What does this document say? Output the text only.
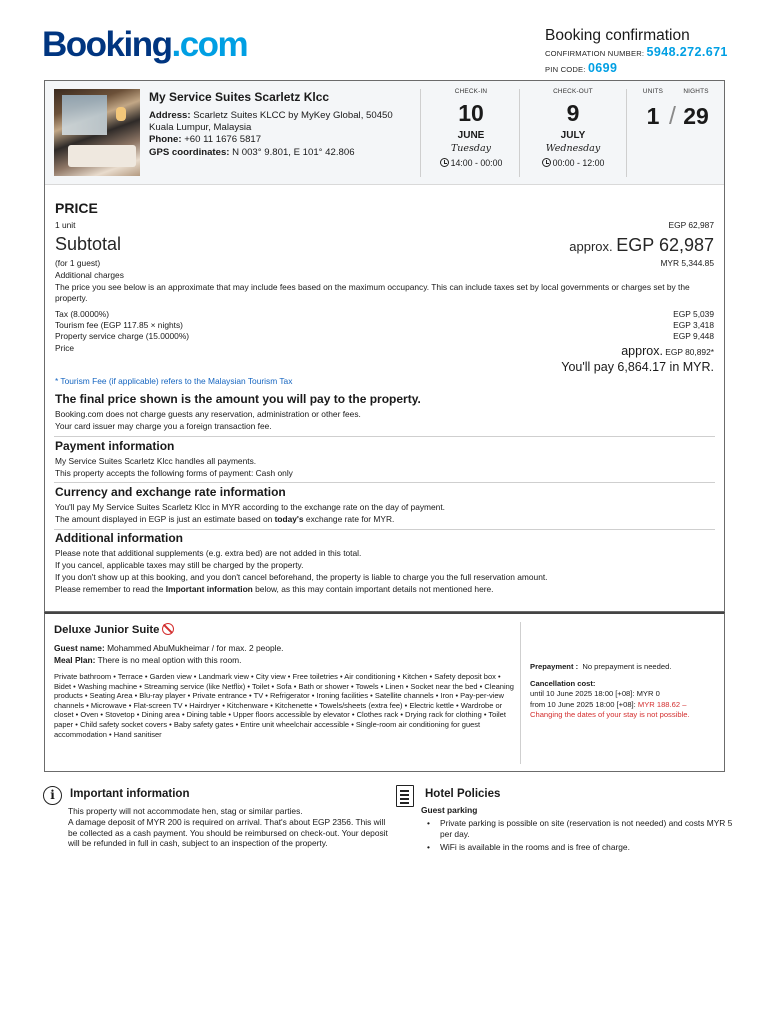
Booking.com	Booking confirmation
CONFIRMATION NUMBER: 5948.272.671
PIN CODE: 0699
My Service Suites Scarletz Klcc
Address: Scarletz Suites KLCC by MyKey Global, 50450 Kuala Lumpur, Malaysia
Phone: +60 11 1676 5817
GPS coordinates: N 003° 9.801, E 101° 42.806
CHECK-IN
10
JUNE
Tuesday
14:00 - 00:00
CHECK-OUT
9
JULY
Wednesday
00:00 - 12:00
UNITS	NIGHTS
1 / 29
PRICE
1 unit	EGP 62,987
Subtotal	approx. EGP 62,987
(for 1 guest)	MYR 5,344.85
Additional charges
The price you see below is an approximate that may include fees based on the maximum occupancy. This can include taxes set by local governments or charges set by the property.
Tax (8.0000%)	EGP 5,039
Tourism fee (EGP 117.85 × nights)	EGP 3,418
Property service charge (15.0000%)	EGP 9,448
Price	approx. EGP 80,892*
You'll pay 6,864.17 in MYR.
* Tourism Fee (if applicable) refers to the Malaysian Tourism Tax
The final price shown is the amount you will pay to the property.
Booking.com does not charge guests any reservation, administration or other fees.
Your card issuer may charge you a foreign transaction fee.
Payment information
My Service Suites Scarletz Klcc handles all payments.
This property accepts the following forms of payment: Cash only
Currency and exchange rate information
You'll pay My Service Suites Scarletz Klcc in MYR according to the exchange rate on the day of payment.
The amount displayed in EGP is just an estimate based on today's exchange rate for MYR.
Additional information
Please note that additional supplements (e.g. extra bed) are not added in this total.
If you cancel, applicable taxes may still be charged by the property.
If you don't show up at this booking, and you don't cancel beforehand, the property is liable to charge you the full reservation amount.
Please remember to read the Important information below, as this may contain important details not mentioned here.
Deluxe Junior Suite
Guest name: Mohammed AbuMukheimar / for max. 2 people.
Meal Plan: There is no meal option with this room.
Private bathroom • Terrace • Garden view • Landmark view • City view • Free toiletries • Air conditioning • Kitchen • Safety deposit box • Bidet • Washing machine • Streaming service (like Netflix) • Toilet • Sofa • Bath or shower • Towels • Linen • Socket near the bed • Cleaning products • Seating Area • Blu-ray player • Private entrance • TV • Refrigerator • Ironing facilities • Satellite channels • Iron • Pay-per-view channels • Microwave • Flat-screen TV • Hairdryer • Kitchenware • Kitchenette • Towels/sheets (extra fee) • Electric kettle • Wardrobe or closet • Oven • Stovetop • Dining area • Dining table • Upper floors accessible by elevator • Clothes rack • Drying rack for clothing • Toilet paper • Child safety socket covers • Baby safety gates • Entire unit wheelchair accessible • Single-room air conditioning for guest accommodation • Hand sanitiser
Prepayment : No prepayment is needed.
Cancellation cost:
until 10 June 2025 18:00 [+08]: MYR 0
from 10 June 2025 18:00 [+08]: MYR 188.62 –
Changing the dates of your stay is not possible.
i	Important information
This property will not accommodate hen, stag or similar parties.
A damage deposit of MYR 200 is required on arrival. That's about EGP 2356. This will be collected as a cash payment. You should be reimbursed on check-out. Your deposit will be refunded in full in cash, subject to an inspection of the property.
Hotel Policies
Guest parking
• Private parking is possible on site (reservation is not needed) and costs MYR 5 per day.
• WiFi is available in the rooms and is free of charge.
